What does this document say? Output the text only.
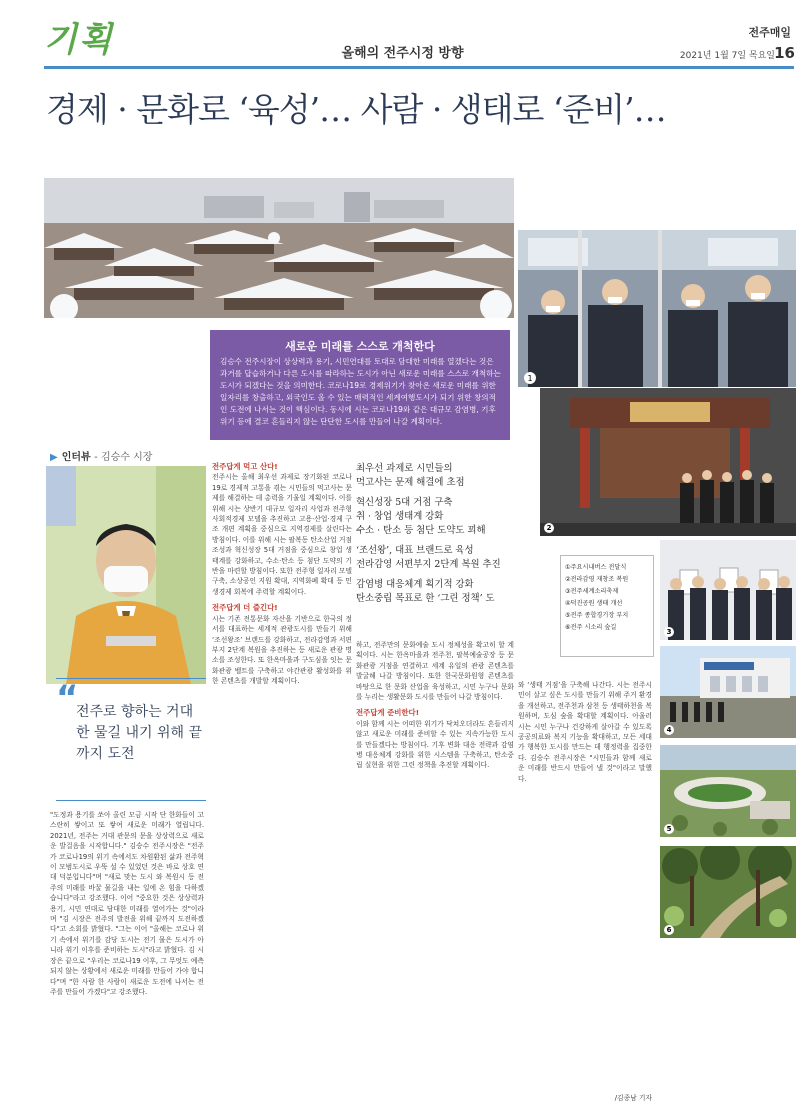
기획	올해의 전주시정 방향
전주매일
2021년 1월 7일 목요일 16
경제 · 문화로 ‘육성’… 사람 · 생태로 ‘준비’…
1
새로운 미래를 스스로 개척한다
김승수 전주시장이 상상력과 용기, 시민연대를 토대로 담대한 미래를 열겠다는 것은 과거를 답습하거나 다른 도시를 따라하는 도시가 아닌 새로운 미래를 스스로 개척하는 도시가 되겠다는 것을 의미한다. 코로나19로 경제위기가 찾아온 새로운 미래를 위한 일자리를 창출하고, 외국인도 올 수 있는 매력적인 세계여행도시가 되기 위한 창의적인 도전에 나서는 것이 핵심이다. 동시에 시는 코로나19와 같은 대규모 감염병, 기후위기 등에 결코 흔들리지 않는 단단한 도시를 만들어 나갈 계획이다.
▶ 인터뷰 - 김승수 시장
“
전주로 향하는 거대한 물길 내기 위해 끝까지 도전
"도정과 용기를 쏘아 올린 모금 시작 단 한화들이 고스란히 쌓이고 또 쌓여 새로운 미래가 열립니다. 2021년, 전주는 거대 관문의 문을 상상력으로 새로운 발걸음을 시작합니다." 김승수 전주시장은 "전주가 코로나19의 위기 속에서도 차원환된 삶과 전주혁이 모범도시로 우뚝 설 수 있었던 것은 바로 상호 연대 덕분입니다"며 "새로 맞는 도시 와 복원시 등 전주의 미래를 바꿀 물길을 내는 일에 온 힘을 다하겠습니다"라고 강조했다. 이어 "중요한 것은 상상력과 용기, 시민 연대로 담대한 미래를 열어가는 것"이라며 "김 시장은 전주의 발전을 위해 끝까지 도전하겠다"고 소회를 밝혔다. "그는 이어 "올해는 코로나 위기 속에서 위기를 감당 도시는 전기 물은 도시가 아니라 위기 이후를 준비하는 도시"라고 밝혔다. 김 시장은 끝으로 "우리는 코로나19 이후, 그 무엇도 예측되지 않는 상황에서 새로운 미래를 만들어 가야 합니다"며 "한 사람 한 사람이 새로운 도전에 나서는 전주를 만들어 가겠다"고 강조했다.
전주답게 먹고 산다!
전주시는 올해 최우선 과제로 장기화된 코로나19로 경제적 고통을 겪는 시민들의 먹고사는 문제를 해결하는 데 총력을 기울일 계획이다. 이를 위해 시는 상반기 대규모 일자리 사업과 전주형 사회적경제 모델을 추진하고 고용·산업·경제 구조 개편 계획을 중심으로 지역경제를 살린다는 방침이다. 이를 위해 시는 팔복동 탄소산업 거점 조성과 혁신성장 5대 거점을 중심으로 창업 생태계를 강화하고, 수소·탄소 등 첨단 도약의 기반을 마련할 방침이다. 또한 전주형 일자리 모델 구축, 소상공인 지원 확대, 지역화폐 확대 등 민생경제 회복에 주력할 계획이다.
전주답게 더 즐긴다!
시는 기존 전통문화 자산을 기반으로 한국의 정서를 대표하는 세계적 관광도시를 만들기 위해 ‘조선왕조’ 브랜드를 강화하고, 전라감영과 서편부지 2단계 복원을 추진하는 등 새로운 관광 명소를 조성한다. 또 한옥마을과 구도심을 잇는 문화관광 벨트를 구축하고 야간관광 활성화를 위한 콘텐츠를 개발할 계획이다.
최우선 과제로 시민들의
먹고사는 문제 해결에 초점
혁신성장 5대 거점 구축
취 · 창업 생태계 강화
수소 · 탄소 등 첨단 도약도 꾀해
‘조선왕’, 대표 브랜드로 육성
전라감영 서편부지 2단계 복원 추진
감염병 대응체계 획기적 강화
탄소중립 목표로 한 ‘그린 정책’ 도
하고, 전주만의 문화예술 도시 정체성을 확고히 할 계획이다. 시는 한옥마을과 전주천, 팔복예술공장 등 문화관광 거점을 연결하고 세계 유일의 관광 콘텐츠를 발굴해 나갈 방침이다. 또한 한국문화원형 콘텐츠를 바탕으로 한 문화 산업을 육성하고, 시민 누구나 문화를 누리는 생활문화 도시를 만들어 나갈 방침이다.
전주답게 준비한다!
이와 함께 시는 어떠한 위기가 닥쳐오더라도 흔들리지 않고 새로운 미래를 준비할 수 있는 지속가능한 도시를 만들겠다는 방침이다. 기후 변화 대응 전략과 감염병 대응체계 강화를 위한 시스템을 구축하고, 탄소중립 실현을 위한 그린 정책을 추진할 계획이다.
와 ‘생태 거점’을 구축해 나간다. 시는 전주시민이 살고 싶은 도시를 만들기 위해 주거 환경을 개선하고, 전주천과 삼천 등 생태하천을 복원하며, 도심 숲을 확대할 계획이다. 아울러 시는 시민 누구나 건강하게 살아갈 수 있도록 공공의료와 복지 기능을 확대하고, 모든 세대가 행복한 도시를 만드는 데 행정력을 집중한다. 김승수 전주시장은 "시민들과 함께 새로운 미래를 반드시 만들어 낼 것"이라고 말했다.
/김종남 기자
2
①주요시내버스 전달식
②전라감영 재창조 복원
③전주세계소리축제
④덕진공원 생태 개선
⑤전주 종합경기장 부지
⑥전주 시소리 숲길
3
4
5
6
